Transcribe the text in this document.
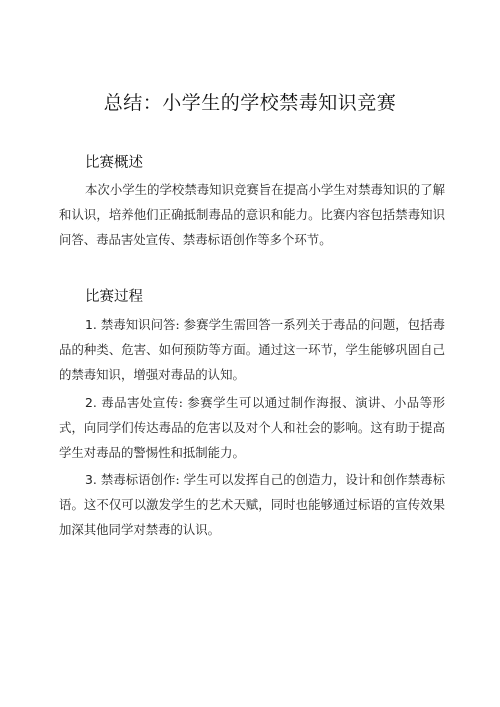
总结：小学生的学校禁毒知识竞赛
比赛概述

本次小学生的学校禁毒知识竞赛旨在提高小学生对禁毒知识的了解和认识，培养他们正确抵制毒品的意识和能力。比赛内容包括禁毒知识问答、毒品害处宣传、禁毒标语创作等多个环节。

比赛过程

1. 禁毒知识问答: 参赛学生需回答一系列关于毒品的问题，包括毒品的种类、危害、如何预防等方面。通过这一环节，学生能够巩固自己的禁毒知识，增强对毒品的认知。

2. 毒品害处宣传: 参赛学生可以通过制作海报、演讲、小品等形式，向同学们传达毒品的危害以及对个人和社会的影响。这有助于提高学生对毒品的警惕性和抵制能力。

3. 禁毒标语创作: 学生可以发挥自己的创造力，设计和创作禁毒标语。这不仅可以激发学生的艺术天赋，同时也能够通过标语的宣传效果加深其他同学对禁毒的认识。
